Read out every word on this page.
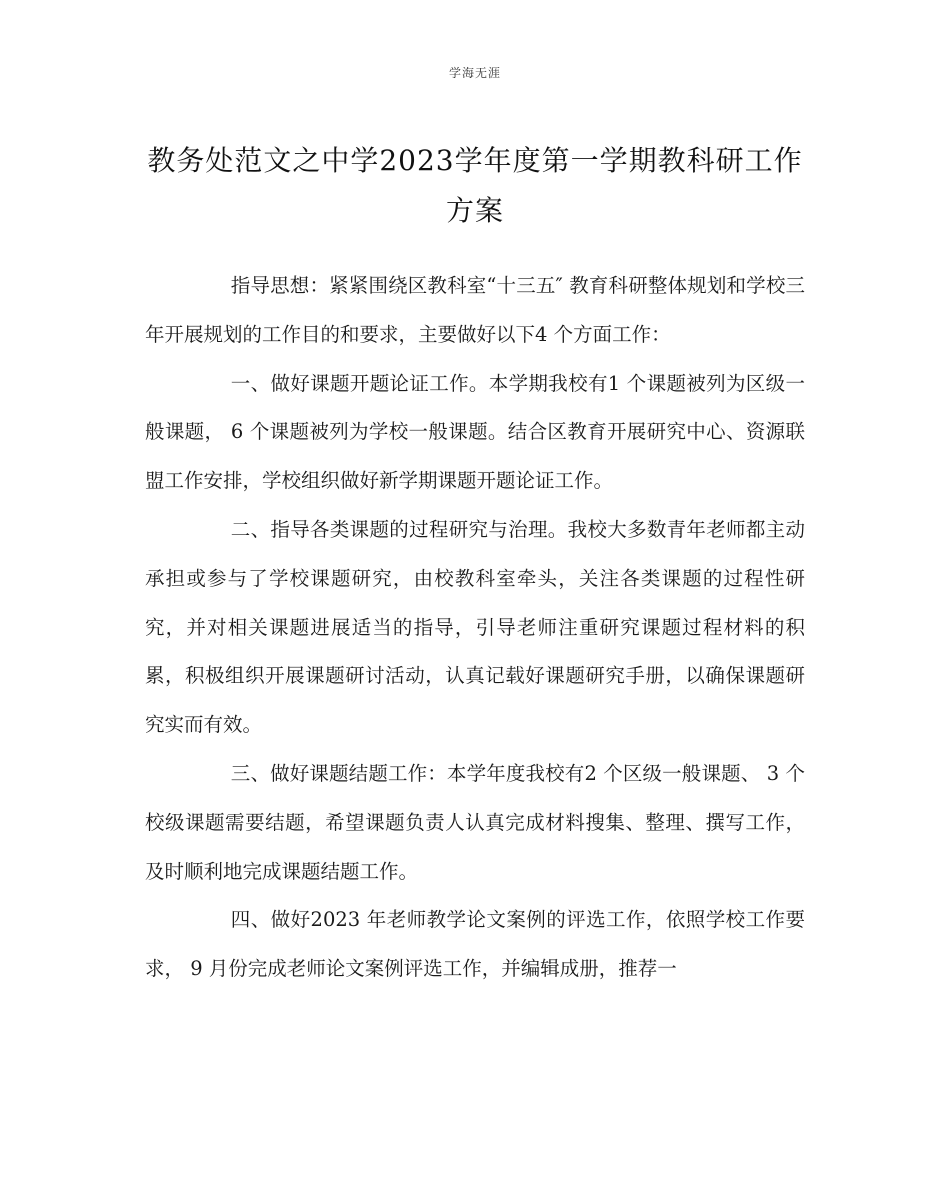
学海无涯
教务处范文之中学2023学年度第一学期教科研工作方案

指导思想：紧紧围绕区教科室“十三五″ 教育科研整体规划和学校三年开展规划的工作目的和要求，主要做好以下4 个方面工作：

一、做好课题开题论证工作。本学期我校有1 个课题被列为区级一般课题， 6 个课题被列为学校一般课题。结合区教育开展研究中心、资源联盟工作安排，学校组织做好新学期课题开题论证工作。

二、指导各类课题的过程研究与治理。我校大多数青年老师都主动承担或参与了学校课题研究，由校教科室牵头，关注各类课题的过程性研究，并对相关课题进展适当的指导，引导老师注重研究课题过程材料的积累，积极组织开展课题研讨活动，认真记载好课题研究手册，以确保课题研究实而有效。

三、做好课题结题工作：本学年度我校有2 个区级一般课题、 3 个校级课题需要结题，希望课题负责人认真完成材料搜集、整理、撰写工作，及时顺利地完成课题结题工作。

四、做好2023 年老师教学论文案例的评选工作，依照学校工作要求， 9 月份完成老师论文案例评选工作，并编辑成册，推荐一
